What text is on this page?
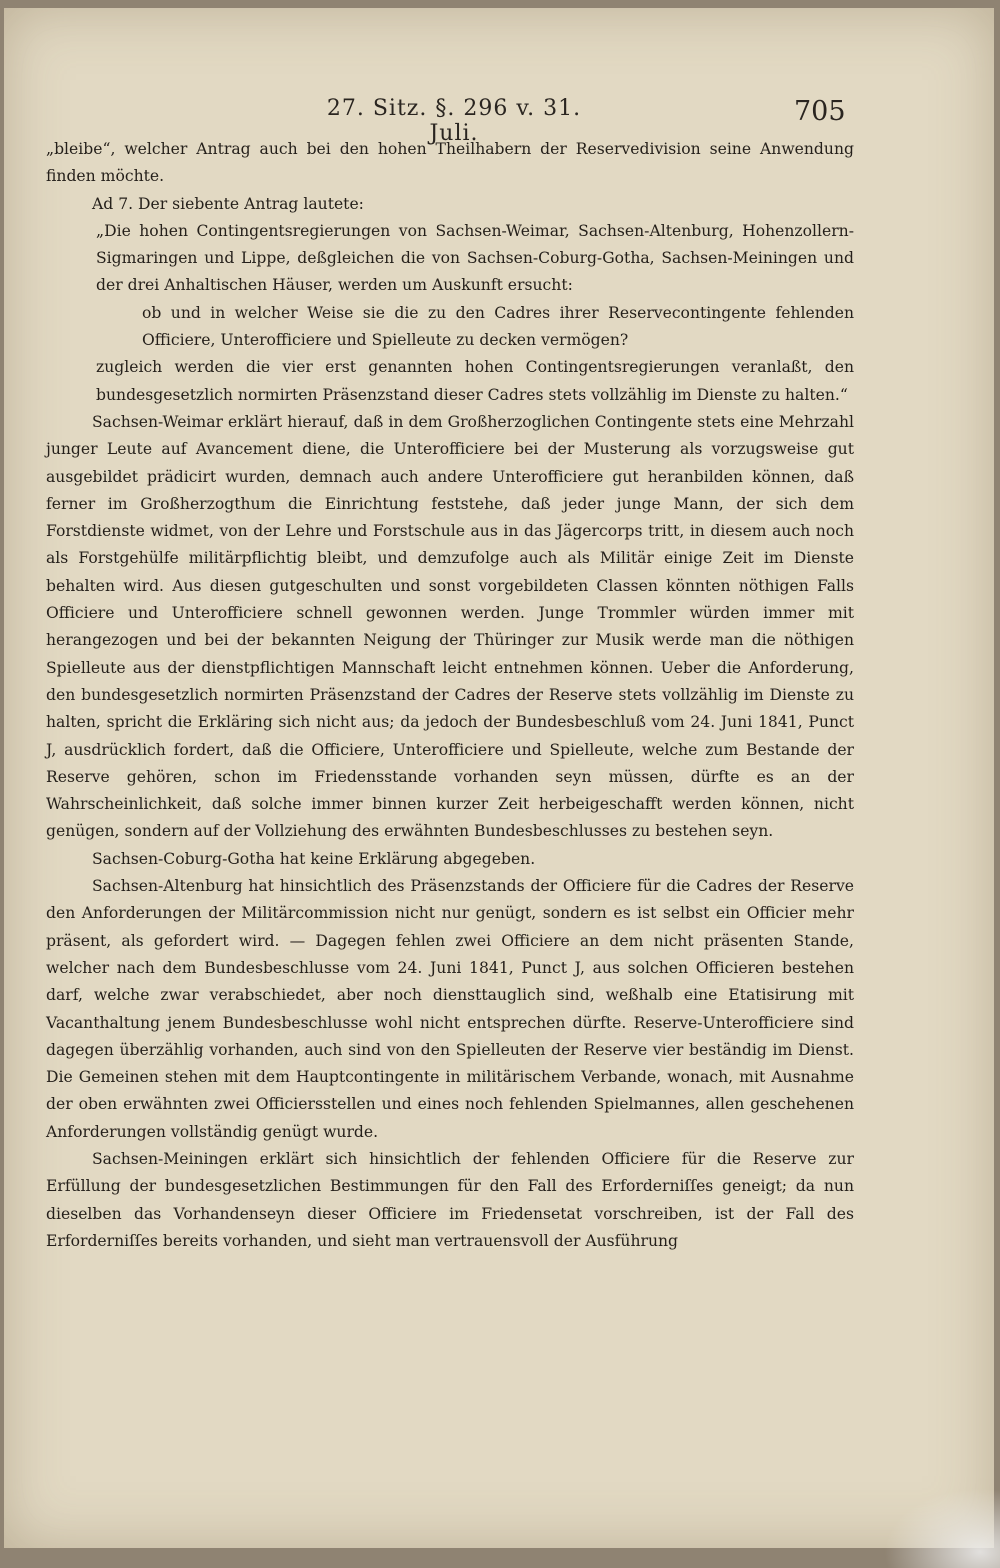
27. Sitz. §. 296 v. 31. Juli.
705

„bleibe“, welcher Antrag auch bei den hohen Theilhabern der Reservedivision seine Anwendung finden möchte.

Ad 7. Der siebente Antrag lautete:

„Die hohen Contingentsregierungen von Sachsen-Weimar, Sachsen-Altenburg, Hohenzollern-Sigmaringen und Lippe, deßgleichen die von Sachsen-Coburg-Gotha, Sachsen-Meiningen und der drei Anhaltischen Häuser, werden um Auskunft ersucht:

ob und in welcher Weise sie die zu den Cadres ihrer Reservecontingente fehlenden Officiere, Unterofficiere und Spielleute zu decken vermögen?

zugleich werden die vier erst genannten hohen Contingentsregierungen veranlaßt, den bundesgesetzlich normirten Präsenzstand dieser Cadres stets vollzählig im Dienste zu halten.“

Sachsen-Weimar erklärt hierauf, daß in dem Großherzoglichen Contingente stets eine Mehrzahl junger Leute auf Avancement diene, die Unterofficiere bei der Musterung als vorzugsweise gut ausgebildet prädicirt wurden, demnach auch andere Unterofficiere gut heranbilden können, daß ferner im Großherzogthum die Einrichtung feststehe, daß jeder junge Mann, der sich dem Forstdienste widmet, von der Lehre und Forstschule aus in das Jägercorps tritt, in diesem auch noch als Forstgehülfe militärpflichtig bleibt, und demzufolge auch als Militär einige Zeit im Dienste behalten wird. Aus diesen gutgeschulten und sonst vorgebildeten Classen könnten nöthigen Falls Officiere und Unterofficiere schnell gewonnen werden. Junge Trommler würden immer mit herangezogen und bei der bekannten Neigung der Thüringer zur Musik werde man die nöthigen Spielleute aus der dienstpflichtigen Mannschaft leicht entnehmen können. Ueber die Anforderung, den bundesgesetzlich normirten Präsenzstand der Cadres der Reserve stets vollzählig im Dienste zu halten, spricht die Erkläring sich nicht aus; da jedoch der Bundesbeschluß vom 24. Juni 1841, Punct J, ausdrücklich fordert, daß die Officiere, Unterofficiere und Spielleute, welche zum Bestande der Reserve gehören, schon im Friedensstande vorhanden seyn müssen, dürfte es an der Wahrscheinlichkeit, daß solche immer binnen kurzer Zeit herbeigeschafft werden können, nicht genügen, sondern auf der Vollziehung des erwähnten Bundesbeschlusses zu bestehen seyn.

Sachsen-Coburg-Gotha hat keine Erklärung abgegeben.

Sachsen-Altenburg hat hinsichtlich des Präsenzstands der Officiere für die Cadres der Reserve den Anforderungen der Militärcommission nicht nur genügt, sondern es ist selbst ein Officier mehr präsent, als gefordert wird. — Dagegen fehlen zwei Officiere an dem nicht präsenten Stande, welcher nach dem Bundesbeschlusse vom 24. Juni 1841, Punct J, aus solchen Officieren bestehen darf, welche zwar verabschiedet, aber noch diensttauglich sind, weßhalb eine Etatisirung mit Vacanthaltung jenem Bundesbeschlusse wohl nicht entsprechen dürfte. Reserve-Unterofficiere sind dagegen überzählig vorhanden, auch sind von den Spielleuten der Reserve vier beständig im Dienst. Die Gemeinen stehen mit dem Hauptcontingente in militärischem Verbande, wonach, mit Ausnahme der oben erwähnten zwei Officiersstellen und eines noch fehlenden Spielmannes, allen geschehenen Anforderungen vollständig genügt wurde.

Sachsen-Meiningen erklärt sich hinsichtlich der fehlenden Officiere für die Reserve zur Erfüllung der bundesgesetzlichen Bestimmungen für den Fall des Erforderniſſes geneigt; da nun dieselben das Vorhandenseyn dieser Officiere im Friedensetat vorschreiben, ist der Fall des Erforderniſſes bereits vorhanden, und sieht man vertrauensvoll der Ausführung
